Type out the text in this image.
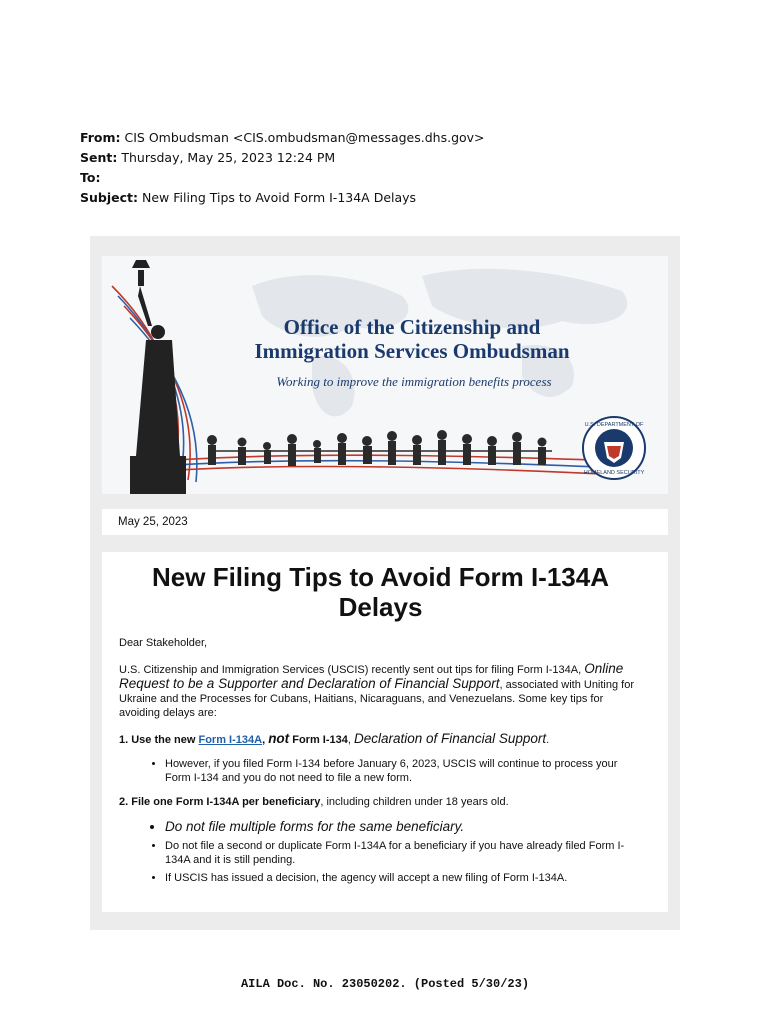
From: CIS Ombudsman <CIS.ombudsman@messages.dhs.gov>
Sent: Thursday, May 25, 2023 12:24 PM
To:
Subject: New Filing Tips to Avoid Form I-134A Delays
Office of the Citizenship and
Immigration Services Ombudsman
Working to improve the immigration benefits process
U.S. DEPARTMENT OF
HOMELAND SECURITY
May 25, 2023
New Filing Tips to Avoid Form I-134A Delays

Dear Stakeholder,

U.S. Citizenship and Immigration Services (USCIS) recently sent out tips for filing Form I-134A, Online Request to be a Supporter and Declaration of Financial Support, associated with Uniting for Ukraine and the Processes for Cubans, Haitians, Nicaraguans, and Venezuelans. Some key tips for avoiding delays are:

1. Use the new Form I-134A, not Form I-134, Declaration of Financial Support.

• However, if you filed Form I-134 before January 6, 2023, USCIS will continue to process your Form I-134 and you do not need to file a new form.

2. File one Form I-134A per beneficiary, including children under 18 years old.

• Do not file multiple forms for the same beneficiary.
• Do not file a second or duplicate Form I-134A for a beneficiary if you have already filed Form I-134A and it is still pending.
• If USCIS has issued a decision, the agency will accept a new filing of Form I-134A.
AILA Doc. No. 23050202. (Posted 5/30/23)
